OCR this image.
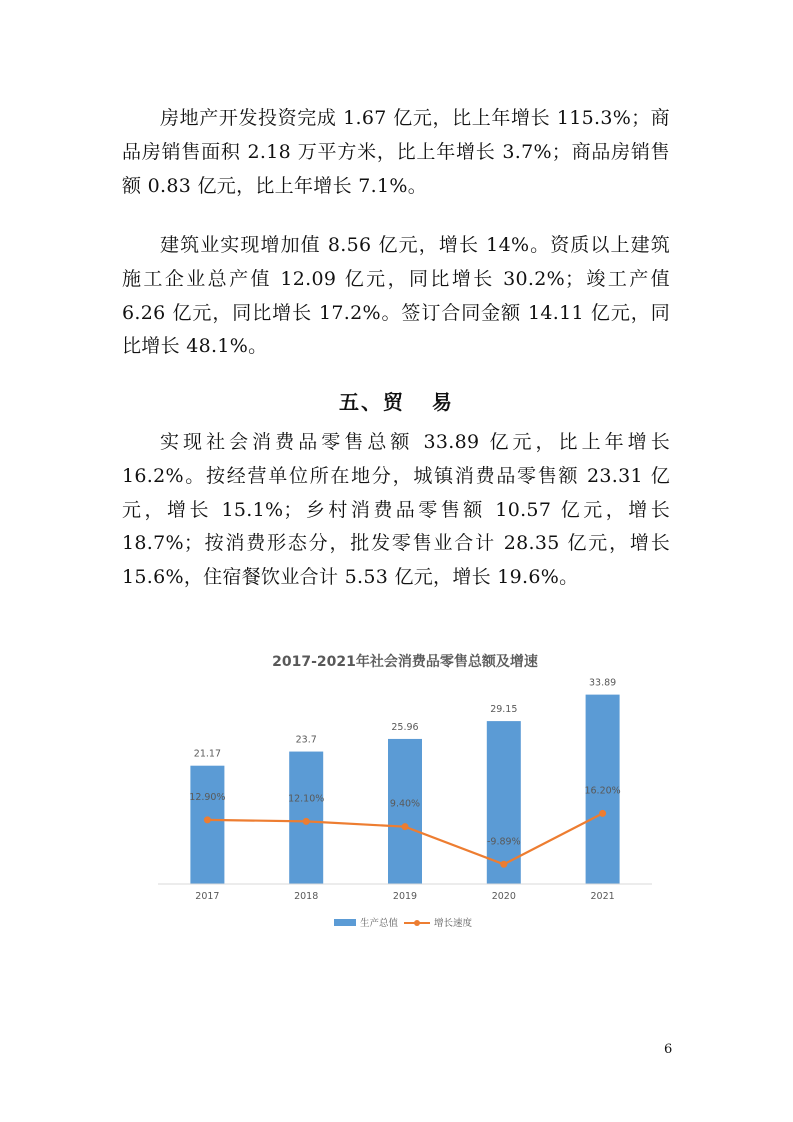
房地产开发投资完成 1.67 亿元，比上年增长 115.3%；商品房销售面积 2.18 万平方米，比上年增长 3.7%；商品房销售额 0.83 亿元，比上年增长 7.1%。

建筑业实现增加值 8.56 亿元，增长 14%。资质以上建筑施工企业总产值 12.09 亿元，同比增长 30.2%；竣工产值 6.26 亿元，同比增长 17.2%。签订合同金额 14.11 亿元，同比增长 48.1%。

五、贸   易

实现社会消费品零售总额 33.89 亿元，比上年增长 16.2%。按经营单位所在地分，城镇消费品零售额 23.31 亿元，增长 15.1%；乡村消费品零售额 10.57 亿元，增长 18.7%；按消费形态分，批发零售业合计 28.35 亿元，增长 15.6%，住宿餐饮业合计 5.53 亿元，增长 19.6%。

2017-2021年社会消费品零售总额及增速
21.17
23.7
25.96
29.15
33.89
12.90%	12.10%	9.40%
-9.89%
16.20%
2017	2018	2019	2020	2021
生产总值	增长速度
6
